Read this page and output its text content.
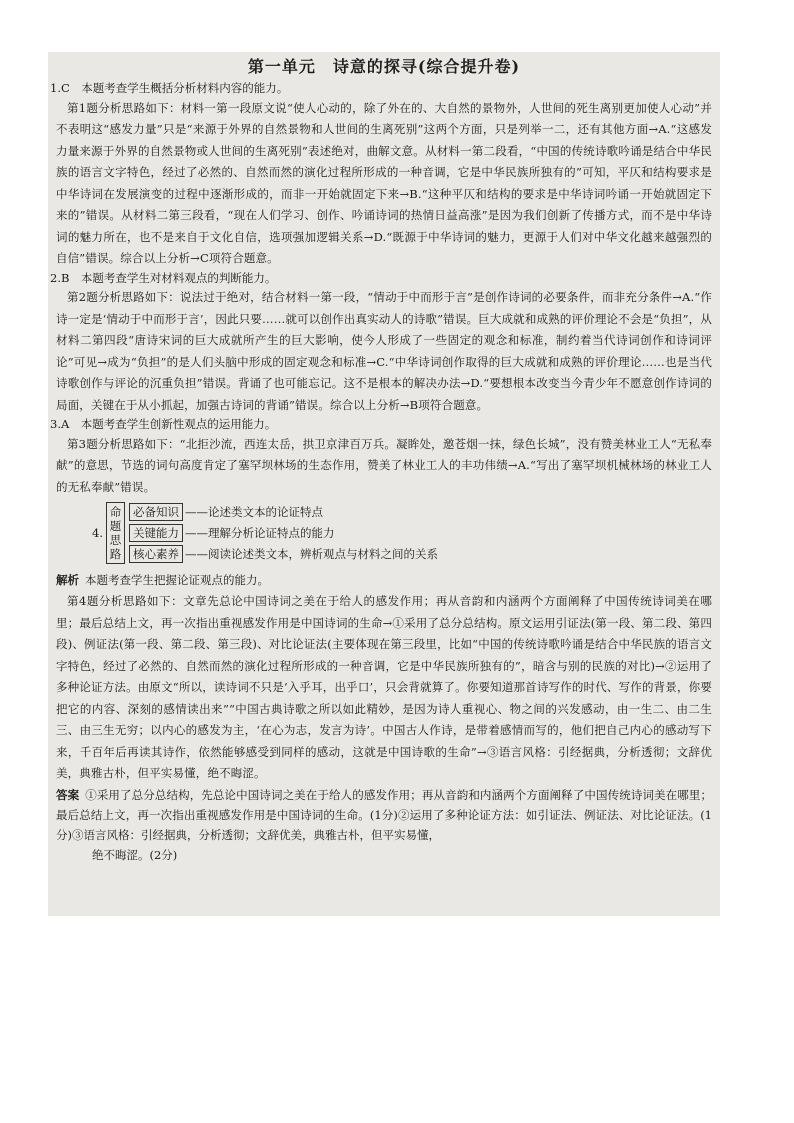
第一单元　诗意的探寻(综合提升卷)

1.C　本题考查学生概括分析材料内容的能力。

第1题分析思路如下：材料一第一段原文说“使人心动的，除了外在的、大自然的景物外，人世间的死生离别更加使人心动”并不表明这“感发力量”只是“来源于外界的自然景物和人世间的生离死别”这两个方面，只是列举一二，还有其他方面→A.“这感发力量来源于外界的自然景物或人世间的生离死别”表述绝对，曲解文意。从材料一第二段看，“中国的传统诗歌吟诵是结合中华民族的语言文字特色，经过了必然的、自然而然的演化过程所形成的一种音调，它是中华民族所独有的”可知，平仄和结构要求是中华诗词在发展演变的过程中逐渐形成的，而非一开始就固定下来→B.“这种平仄和结构的要求是中华诗词吟诵一开始就固定下来的”错误。从材料二第三段看，“现在人们学习、创作、吟诵诗词的热情日益高涨”是因为我们创新了传播方式，而不是中华诗词的魅力所在，也不是来自于文化自信，选项强加逻辑关系→D.“既源于中华诗词的魅力，更源于人们对中华文化越来越强烈的自信”错误。综合以上分析→C项符合题意。

2.B　本题考查学生对材料观点的判断能力。

第2题分析思路如下：说法过于绝对，结合材料一第一段，“情动于中而形于言”是创作诗词的必要条件，而非充分条件→A.“作诗一定是‘情动于中而形于言’，因此只要……就可以创作出真实动人的诗歌”错误。巨大成就和成熟的评价理论不会是“负担”，从材料二第四段“唐诗宋词的巨大成就所产生的巨大影响，使今人形成了一些固定的观念和标准，制约着当代诗词创作和诗词评论”可见→成为“负担”的是人们头脑中形成的固定观念和标准→C.“中华诗词创作取得的巨大成就和成熟的评价理论……也是当代诗歌创作与评论的沉重负担”错误。背诵了也可能忘记。这不是根本的解决办法→D.“要想根本改变当今青少年不愿意创作诗词的局面，关键在于从小抓起，加强古诗词的背诵”错误。综合以上分析→B项符合题意。

3.A　本题考查学生创新性观点的运用能力。

第3题分析思路如下：“北拒沙流，西连太岳，拱卫京津百万兵。凝眸处，邀苍烟一抹，绿色长城”，没有赞美林业工人“无私奉献”的意思，节选的词句高度肯定了塞罕坝林场的生态作用，赞美了林业工人的丰功伟绩→A.“写出了塞罕坝机械林场的林业工人的无私奉献”错误。

4.
命
题
思
路
必备知识 ——论述类文本的论证特点
关键能力 ——理解分析论证特点的能力
核心素养 ——阅读论述类文本，辨析观点与材料之间的关系

解析 本题考查学生把握论证观点的能力。

第4题分析思路如下：文章先总论中国诗词之美在于给人的感发作用；再从音韵和内涵两个方面阐释了中国传统诗词美在哪里；最后总结上文，再一次指出重视感发作用是中国诗词的生命→①采用了总分总结构。原文运用引证法(第一段、第二段、第四段)、例证法(第一段、第二段、第三段)、对比论证法(主要体现在第三段里，比如“中国的传统诗歌吟诵是结合中华民族的语言文字特色，经过了必然的、自然而然的演化过程所形成的一种音调，它是中华民族所独有的”，暗含与别的民族的对比)→②运用了多种论证方法。由原文“所以，读诗词不只是‘入乎耳，出乎口’，只会背就算了。你要知道那首诗写作的时代、写作的背景，你要把它的内容、深刻的感情读出来”“中国古典诗歌之所以如此精妙，是因为诗人重视心、物之间的兴发感动，由一生二、由二生三、由三生无穷；以内心的感发为主，‘在心为志，发言为诗’。中国古人作诗，是带着感情而写的，他们把自己内心的感动写下来，千百年后再读其诗作，依然能够感受到同样的感动，这就是中国诗歌的生命”→③语言风格：引经据典，分析透彻；文辞优美，典雅古朴，但平实易懂，绝不晦涩。

答案 ①采用了总分总结构，先总论中国诗词之美在于给人的感发作用；再从音韵和内涵两个方面阐释了中国传统诗词美在哪里；最后总结上文，再一次指出重视感发作用是中国诗词的生命。(1分)②运用了多种论证方法：如引证法、例证法、对比论证法。(1分)③语言风格：引经据典，分析透彻；文辞优美，典雅古朴，但平实易懂，

绝不晦涩。(2分)
